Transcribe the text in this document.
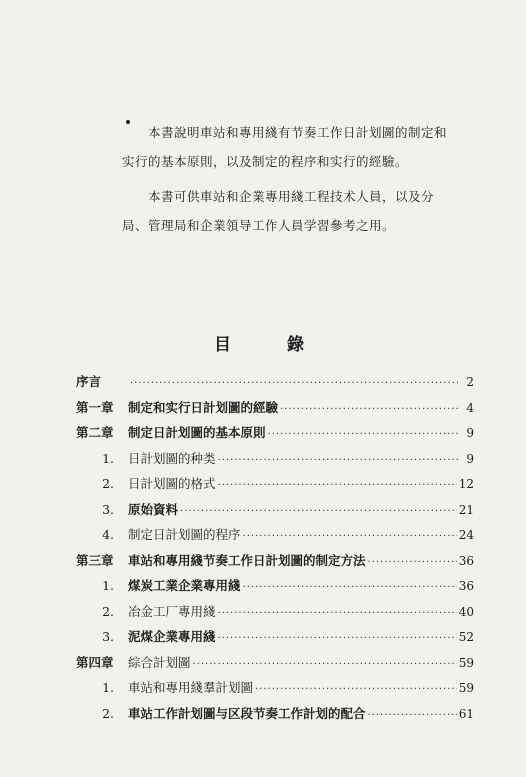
本書說明車站和專用綫有节奏工作日計划圖的制定和实行的基本原則，以及制定的程序和实行的經驗。

本書可供車站和企業專用綫工程技术人員，以及分局、管理局和企業領导工作人員学習參考之用。

目錄
序言 ·····	2
第一章	制定和实行日計划圖的經驗 ·····	4
第二章	制定日計划圖的基本原則 ·····	9
1.	日計划圖的种类 ·····	9
2.	日計划圖的格式 ·····	12
3.	原始資料 ·····	21
4.	制定日計划圖的程序 ·····	24
第三章	車站和專用綫节奏工作日計划圖的制定方法 ·····	36
1.	煤炭工業企業專用綫 ·····	36
2.	冶金工厂專用綫 ·····	40
3.	泥煤企業專用綫 ·····	52
第四章	綜合計划圖 ·····	59
1.	車站和專用綫羣計划圖 ·····	59
2.	車站工作計划圖与区段节奏工作計划的配合 ·····	61
